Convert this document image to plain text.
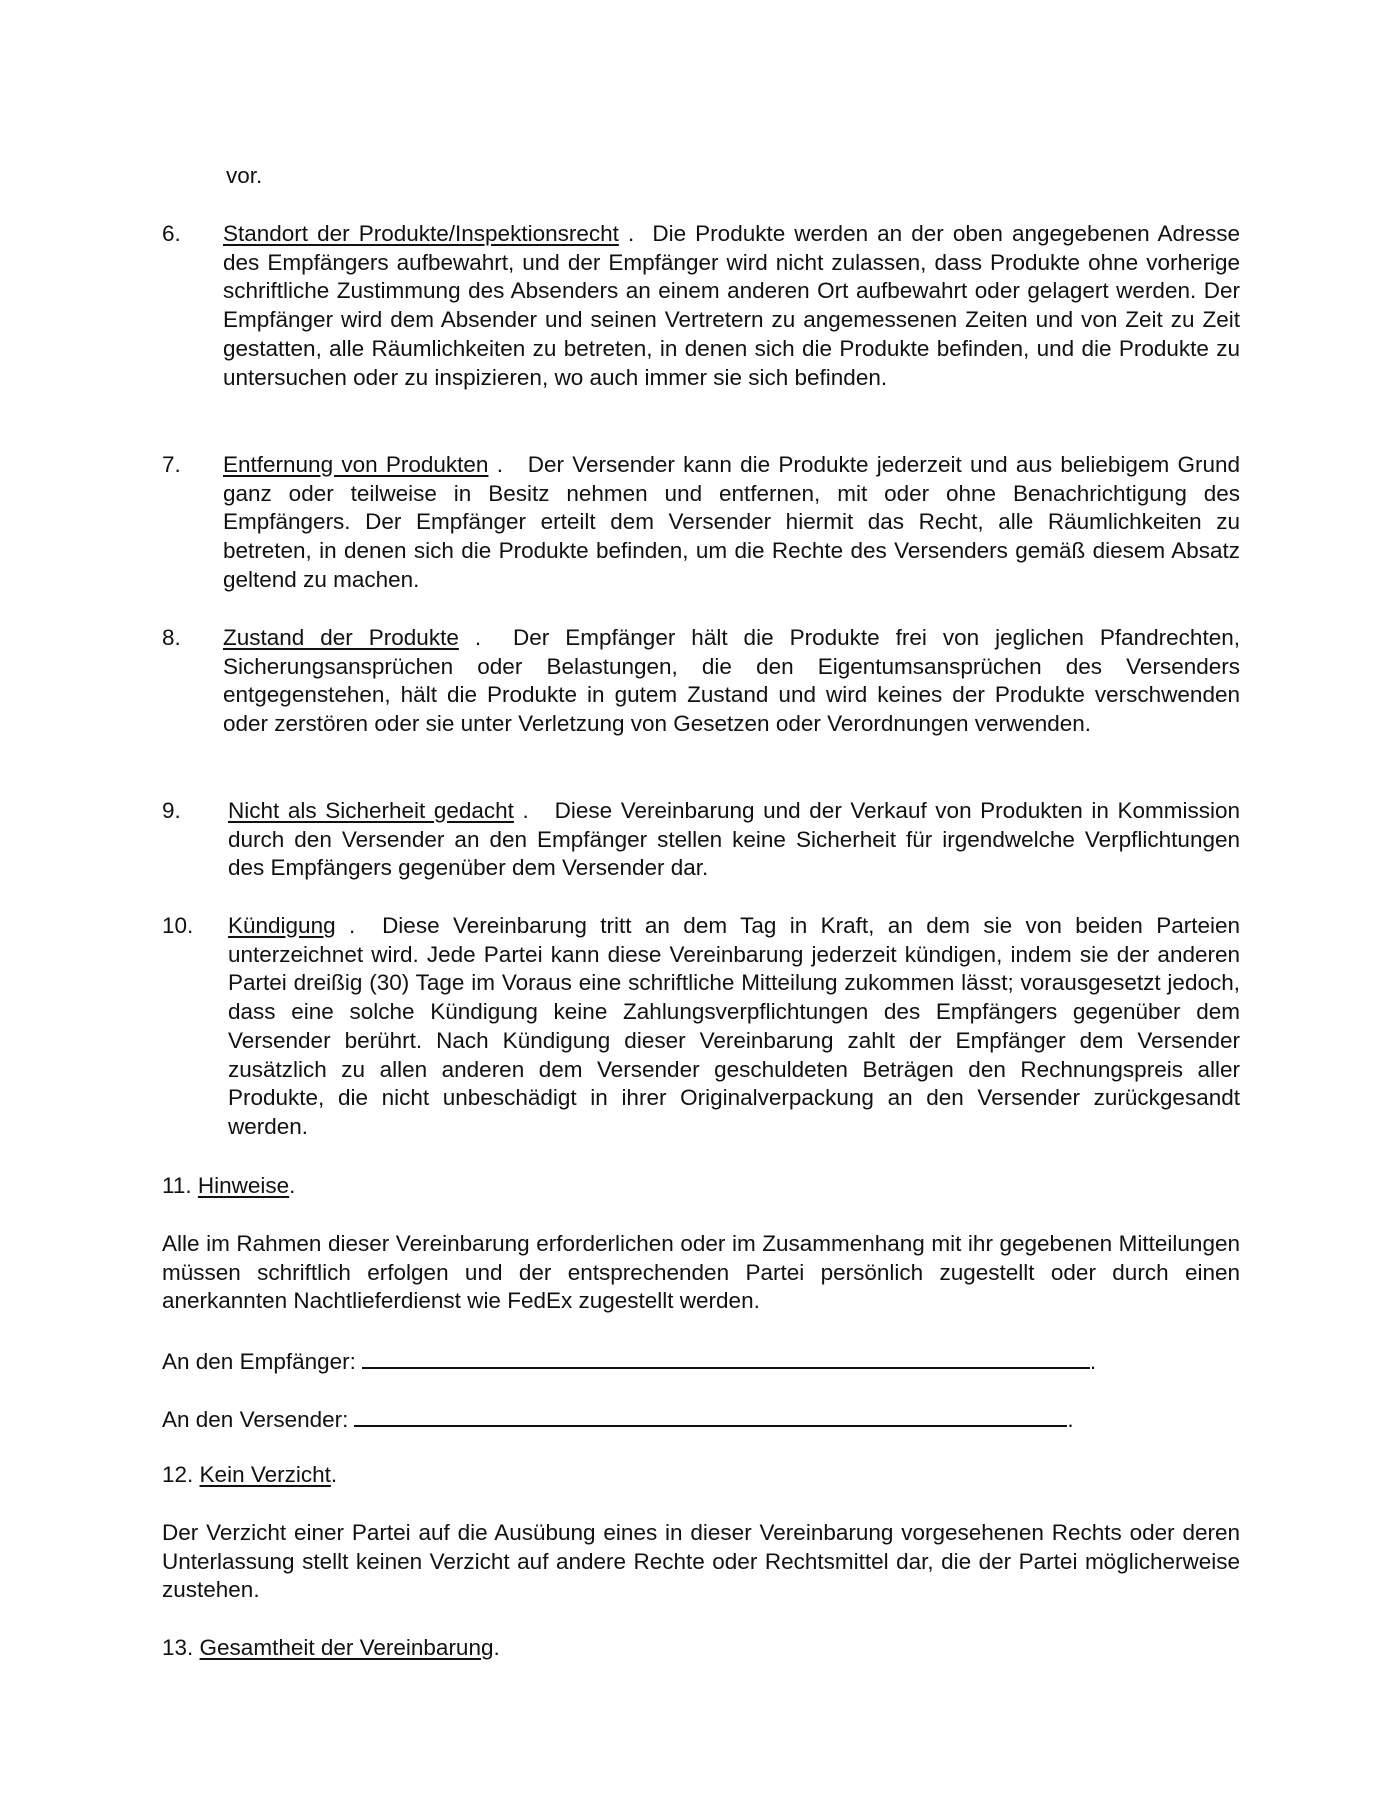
vor.
6. Standort der Produkte/Inspektionsrecht .  Die Produkte werden an der oben angegebenen Adresse des Empfängers aufbewahrt, und der Empfänger wird nicht zulassen, dass Produkte ohne vorherige schriftliche Zustimmung des Absenders an einem anderen Ort aufbewahrt oder gelagert werden. Der Empfänger wird dem Absender und seinen Vertretern zu angemessenen Zeiten und von Zeit zu Zeit gestatten, alle Räumlichkeiten zu betreten, in denen sich die Produkte befinden, und die Produkte zu untersuchen oder zu inspizieren, wo auch immer sie sich befinden.
7. Entfernung von Produkten .   Der Versender kann die Produkte jederzeit und aus beliebigem Grund ganz oder teilweise in Besitz nehmen und entfernen, mit oder ohne Benachrichtigung des Empfängers. Der Empfänger erteilt dem Versender hiermit das Recht, alle Räumlichkeiten zu betreten, in denen sich die Produkte befinden, um die Rechte des Versenders gemäß diesem Absatz geltend zu machen.
8. Zustand der Produkte .  Der Empfänger hält die Produkte frei von jeglichen Pfandrechten, Sicherungsansprüchen oder Belastungen, die den Eigentumsansprüchen des Versenders entgegenstehen, hält die Produkte in gutem Zustand und wird keines der Produkte verschwenden oder zerstören oder sie unter Verletzung von Gesetzen oder Verordnungen verwenden.
9. Nicht als Sicherheit gedacht .   Diese Vereinbarung und der Verkauf von Produkten in Kommission durch den Versender an den Empfänger stellen keine Sicherheit für irgendwelche Verpflichtungen des Empfängers gegenüber dem Versender dar.
10. Kündigung .  Diese Vereinbarung tritt an dem Tag in Kraft, an dem sie von beiden Parteien unterzeichnet wird. Jede Partei kann diese Vereinbarung jederzeit kündigen, indem sie der anderen Partei dreißig (30) Tage im Voraus eine schriftliche Mitteilung zukommen lässt; vorausgesetzt jedoch, dass eine solche Kündigung keine Zahlungsverpflichtungen des Empfängers gegenüber dem Versender berührt. Nach Kündigung dieser Vereinbarung zahlt der Empfänger dem Versender zusätzlich zu allen anderen dem Versender geschuldeten Beträgen den Rechnungspreis aller Produkte, die nicht unbeschädigt in ihrer Originalverpackung an den Versender zurückgesandt werden.
11. Hinweise.
Alle im Rahmen dieser Vereinbarung erforderlichen oder im Zusammenhang mit ihr gegebenen Mitteilungen müssen schriftlich erfolgen und der entsprechenden Partei persönlich zugestellt oder durch einen anerkannten Nachtlieferdienst wie FedEx zugestellt werden.
An den Empfänger:	.
An den Versender:	.
12. Kein Verzicht.
Der Verzicht einer Partei auf die Ausübung eines in dieser Vereinbarung vorgesehenen Rechts oder deren Unterlassung stellt keinen Verzicht auf andere Rechte oder Rechtsmittel dar, die der Partei möglicherweise zustehen.
13. Gesamtheit der Vereinbarung.
